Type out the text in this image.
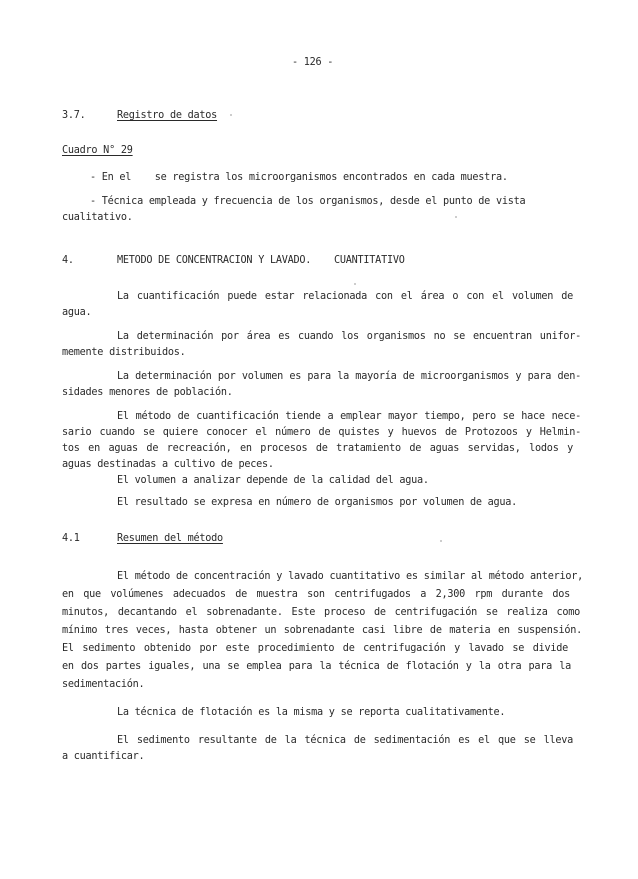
- 126 -
3.7.	Registro de datos
Cuadro N° 29
- En el    se registra los microorganismos encontrados en cada muestra.
- Técnica empleada y frecuencia de los organismos, desde el punto de vista
cualitativo.
4.	METODO DE CONCENTRACION Y LAVADO. CUANTITATIVO
La cuantificación puede estar relacionada con el área o con el volumen de
agua.
La determinación por área es cuando los organismos no se encuentran unifor-
memente distribuidos.
La determinación por volumen es para la mayoría de microorganismos y para den-
sidades menores de población.
El método de cuantificación tiende a emplear mayor tiempo, pero se hace nece-
sario cuando se quiere conocer el número de quistes y huevos de Protozoos y Helmin-
tos en aguas de recreación, en procesos de tratamiento de aguas servidas, lodos y
aguas destinadas a cultivo de peces.
El volumen a analizar depende de la calidad del agua.
El resultado se expresa en número de organismos por volumen de agua.
4.1	Resumen del método
El método de concentración y lavado cuantitativo es similar al método anterior,
en que volúmenes adecuados de muestra son centrifugados a 2,300 rpm durante dos
minutos, decantando el sobrenadante. Este proceso de centrifugación se realiza como
mínimo tres veces, hasta obtener un sobrenadante casi libre de materia en suspensión.
El sedimento obtenido por este procedimiento de centrifugación y lavado se divide
en dos partes iguales, una se emplea para la técnica de flotación y la otra para la
sedimentación.
La técnica de flotación es la misma y se reporta cualitativamente.
El sedimento resultante de la técnica de sedimentación es el que se lleva
a cuantificar.
